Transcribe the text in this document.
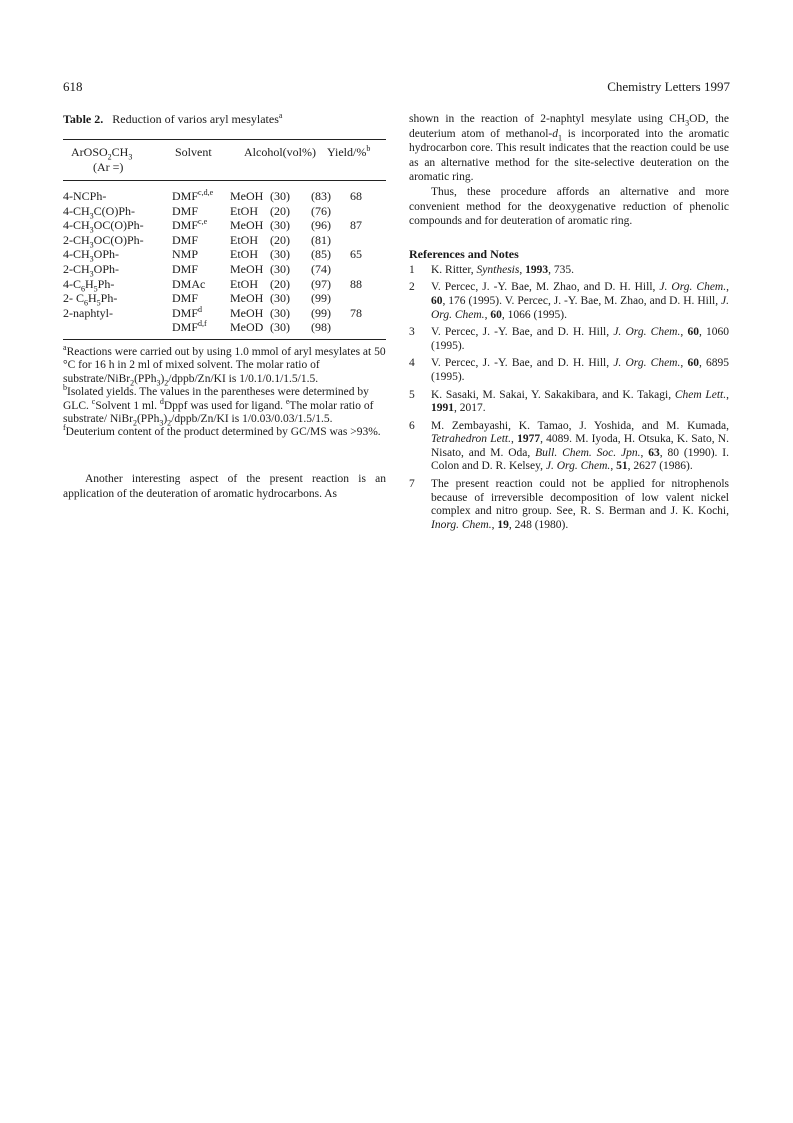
618	Chemistry Letters 1997

Table 2. Reduction of varios aryl mesylates$^a$

$ArOSO_2CH_3$
(Ar =)
Solvent	Alcohol(vol%) Yield/%$^b$
4-NCPh-	DMF$^{c,d,e}$ MeOH (30) (83) 68
$4-CH_3C(O)Ph-$	DMF	EtOH (20) (76)
$4-CH_3OC(O)Ph-$ DMF$^{c,e}$ MeOH (30) (96) 87
$2-CH_3OC(O)Ph-$ DMF	EtOH (20) (81)
$4-CH_3OPh-$	NMP	EtOH (30) (85) 65
$2-CH_3OPh-$	DMF	MeOH (30) (74)
$4-C_6H_5Ph-$	DMAc EtOH (20) (97) 88
2- $C_6H_5Ph-$	DMF	MeOH (30) (99)
2-naphtyl-	DMF$^d$ MeOH (30) (99) 78
DMF$^{d,f}$ MeOD (30) (98)

$^a$Reactions were carried out by using 1.0 mmol of aryl mesylates at 50 °C for 16 h in 2 ml of mixed solvent. The molar ratio of substrate/$NiBr_2(PPh_3)_2/dppb/Zn/KI$ is 1/0.1/0.1/1.5/1.5.

$^b$Isolated yields. The values in the parentheses were determined by GLC. $^c$Solvent 1 ml. $^d$Dppf was used for ligand. $^e$The molar ratio of substrate/ $NiBr_2(PPh_3)_2/dppb/Zn/KI$ is 1/0.03/0.03/1.5/1.5. $^f$Deuterium content of the product determined by GC/MS was >93%.

Another interesting aspect of the present reaction is an application of the deuteration of aromatic hydrocarbons. As

shown in the reaction of 2-naphtyl mesylate using $CH_3OD$, the deuterium atom of methanol-$d_1$ is incorporated into the aromatic hydrocarbon core. This result indicates that the reaction could be use as an alternative method for the site-selective deuteration on the aromatic ring.

Thus, these procedure affords an alternative and more convenient method for the deoxygenative reduction of phenolic compounds and for deuteration of aromatic ring.

References and Notes
1	K. Ritter, Synthesis, 1993, 735.
2	V. Percec, J. -Y. Bae, M. Zhao, and D. H. Hill, J. Org. Chem., 60, 176 (1995). V. Percec, J. -Y. Bae, M. Zhao, and D. H. Hill, J. Org. Chem., 60, 1066 (1995).
3	V. Percec, J. -Y. Bae, and D. H. Hill, J. Org. Chem., 60, 1060 (1995).
4	V. Percec, J. -Y. Bae, and D. H. Hill, J. Org. Chem., 60, 6895 (1995).
5	K. Sasaki, M. Sakai, Y. Sakakibara, and K. Takagi, Chem Lett., 1991, 2017.
6	M. Zembayashi, K. Tamao, J. Yoshida, and M. Kumada, Tetrahedron Lett., 1977, 4089. M. Iyoda, H. Otsuka, K. Sato, N. Nisato, and M. Oda, Bull. Chem. Soc. Jpn., 63, 80 (1990). I. Colon and D. R. Kelsey, J. Org. Chem., 51, 2627 (1986).
7	The present reaction could not be applied for nitrophenols because of irreversible decomposition of low valent nickel complex and nitro group. See, R. S. Berman and J. K. Kochi, Inorg. Chem., 19, 248 (1980).
